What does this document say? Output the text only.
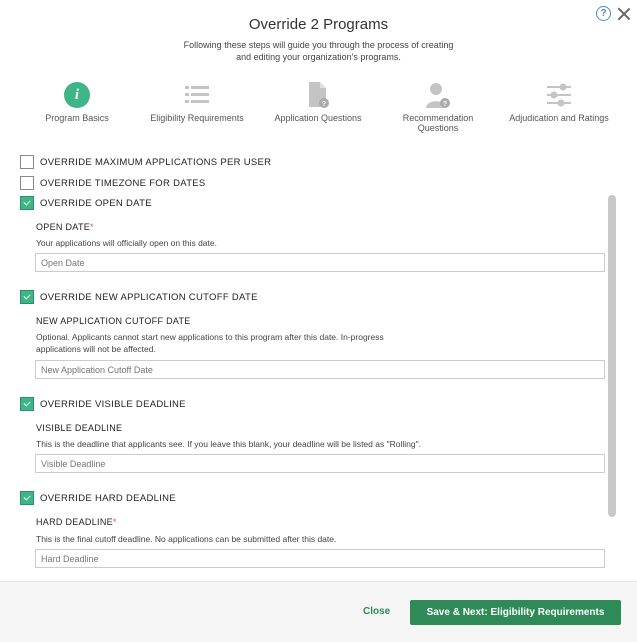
?
Override 2 Programs
Following these steps will guide you through the process of creating
and editing your organization's programs.
i
Program Basics	Eligibility Requirements
?
Application Questions
?
Recommendation
Questions
Adjudication and Ratings
OVERRIDE MAXIMUM APPLICATIONS PER USER
OVERRIDE TIMEZONE FOR DATES
OVERRIDE OPEN DATE
OPEN DATE*
Your applications will officially open on this date.
Open Date
OVERRIDE NEW APPLICATION CUTOFF DATE
NEW APPLICATION CUTOFF DATE
Optional. Applicants cannot start new applications to this program after this date. In-progress applications will not be affected.
New Application Cutoff Date
OVERRIDE VISIBLE DEADLINE
VISIBLE DEADLINE
This is the deadline that applicants see. If you leave this blank, your deadline will be listed as "Rolling".
Visible Deadline
OVERRIDE HARD DEADLINE
HARD DEADLINE*
This is the final cutoff deadline. No applications can be submitted after this date.
Hard Deadline
Close	Save & Next: Eligibility Requirements
